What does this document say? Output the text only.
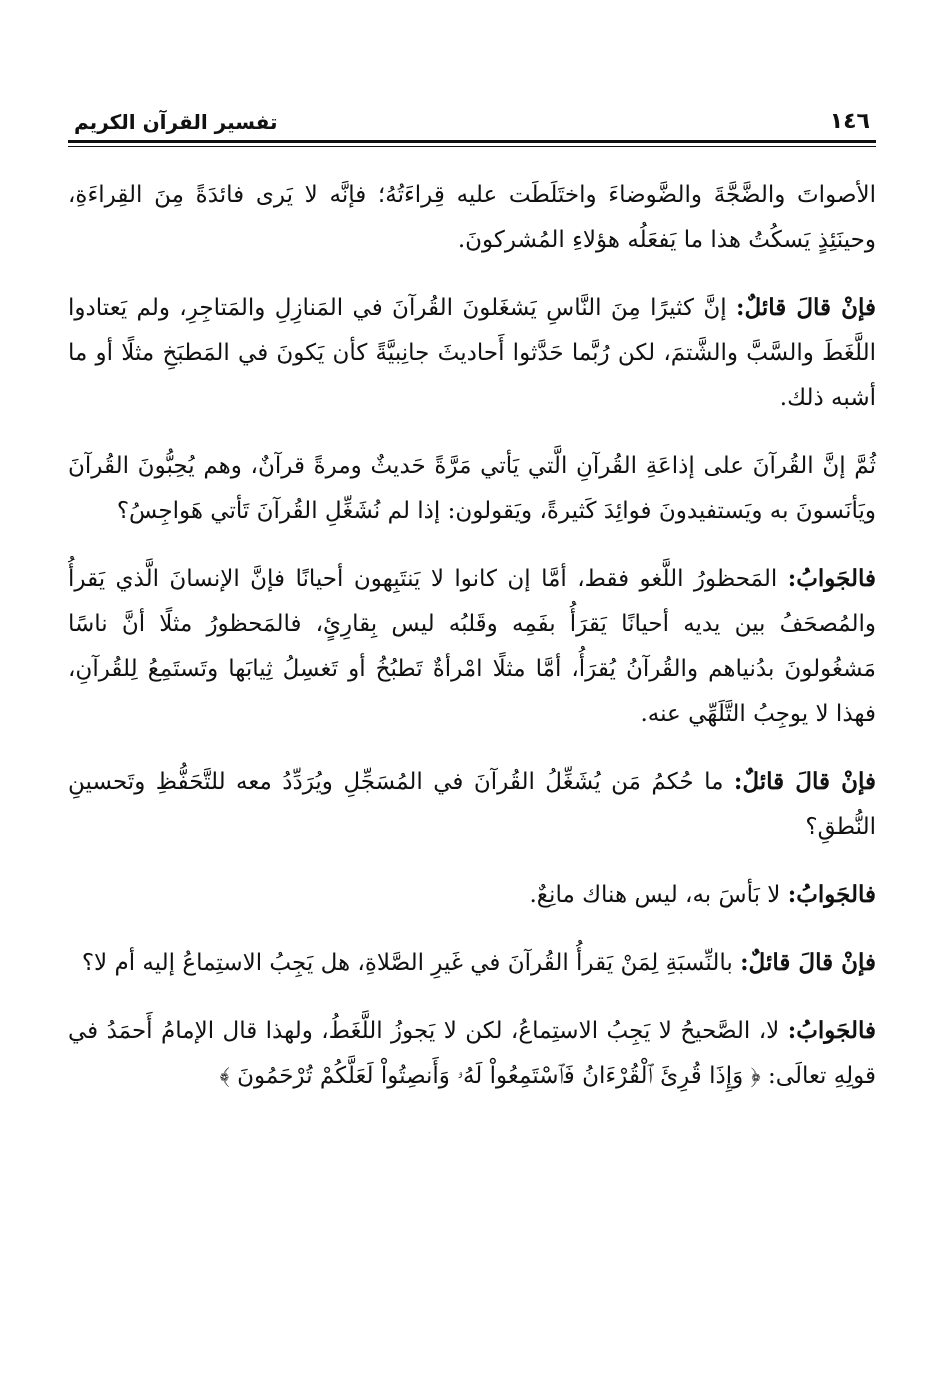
١٤٦
تفسير القرآن الكريم

الأصواتَ والضَّجَّةَ والضَّوضاءَ واختَلَطَت عليه قِراءَتُهُ؛ فإنَّه لا يَرى فائدَةً مِنَ القِراءَةِ، وحينَئِذٍ يَسكُتُ هذا ما يَفعَلُه هؤلاءِ المُشركونَ.

فإنْ قالَ قائلٌ: إنَّ كثيرًا مِنَ النَّاسِ يَشغَلونَ القُرآنَ في المَنازِلِ والمَتاجِرِ، ولم يَعتادوا اللَّغَطَ والسَّبَّ والشَّتمَ، لكن رُبَّما حَدَّثوا أَحاديثَ جانِبيَّةً كأن يَكونَ في المَطبَخِ مثلًا أو ما أشبه ذلك.

ثُمَّ إنَّ القُرآنَ على إذاعَةِ القُرآنِ الَّتي يَأتي مَرَّةً حَديثٌ ومرةً قرآنٌ، وهم يُحِبُّونَ القُرآنَ ويَأنَسونَ به ويَستفيدونَ فوائِدَ كَثيرةً، ويَقولون: إذا لم نُشَغِّلِ القُرآنَ تَأتي هَواجِسُ؟

فالجَوابُ: المَحظورُ اللَّغو فقط، أمَّا إن كانوا لا يَنتَبِهون أحيانًا فإنَّ الإنسانَ الَّذي يَقرأُ والمُصحَفُ بين يديه أحيانًا يَقرَأُ بفَمِه وقَلبُه ليس بِقارِئٍ، فالمَحظورُ مثلًا أنَّ ناسًا مَشغُولونَ بدُنياهم والقُرآنُ يُقرَأُ، أمَّا مثلًا امْرأةٌ تَطبُخُ أو تَغسِلُ ثِيابَها وتَستَمِعُ لِلقُرآنِ، فهذا لا يوجِبُ التَّلَهِّي عنه.

فإنْ قالَ قائلٌ: ما حُكمُ مَن يُشَغِّلُ القُرآنَ في المُسَجِّلِ ويُرَدِّدُ معه للتَّحَفُّظِ وتَحسينِ النُّطقِ؟

فالجَوابُ: لا بَأسَ به، ليس هناك مانِعٌ.

فإنْ قالَ قائلٌ: بالنِّسبَةِ لِمَنْ يَقرأُ القُرآنَ في غَيرِ الصَّلاةِ، هل يَجِبُ الاستِماعُ إليه أم لا؟

فالجَوابُ: لا، الصَّحيحُ لا يَجِبُ الاستِماعُ، لكن لا يَجوزُ اللَّغَطُ، ولهذا قال الإمامُ أَحمَدُ في قولِهِ تعالَى: ﴿ وَإِذَا قُرِئَ ٱلْقُرْءَانُ فَٱسْتَمِعُواْ لَهُۥ وَأَنصِتُواْ لَعَلَّكُمْ تُرْحَمُونَ ﴾
